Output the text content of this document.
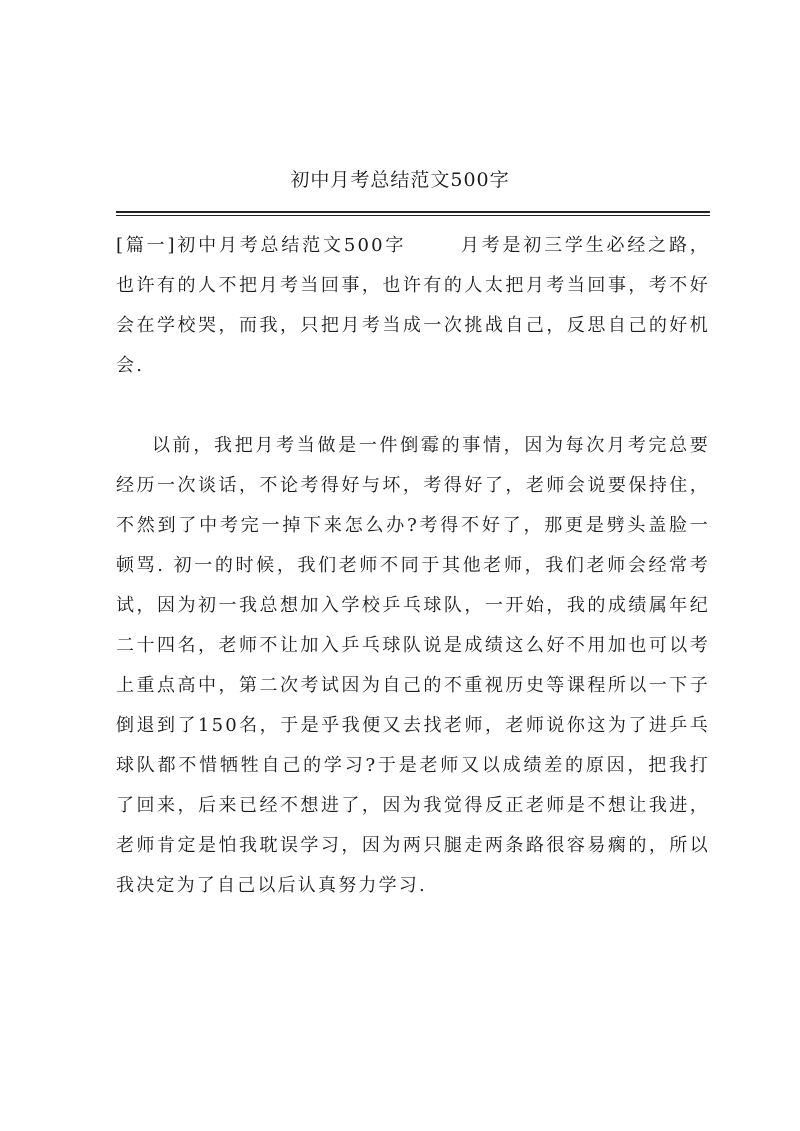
初中月考总结范文500字

[篇一]初中月考总结范文500字	月考是初三学生必经之路，也许有的人不把月考当回事，也许有的人太把月考当回事，考不好会在学校哭，而我，只把月考当成一次挑战自己，反思自己的好机会.

以前，我把月考当做是一件倒霉的事情，因为每次月考完总要经历一次谈话，不论考得好与坏，考得好了，老师会说要保持住，不然到了中考完一掉下来怎么办?考得不好了，那更是劈头盖脸一顿骂. 初一的时候，我们老师不同于其他老师，我们老师会经常考试，因为初一我总想加入学校乒乓球队，一开始，我的成绩属年纪二十四名，老师不让加入乒乓球队说是成绩这么好不用加也可以考上重点高中，第二次考试因为自己的不重视历史等课程所以一下子倒退到了150名，于是乎我便又去找老师，老师说你这为了进乒乓球队都不惜牺牲自己的学习?于是老师又以成绩差的原因，把我打了回来，后来已经不想进了，因为我觉得反正老师是不想让我进，老师肯定是怕我耽误学习，因为两只腿走两条路很容易瘸的，所以我决定为了自己以后认真努力学习.
